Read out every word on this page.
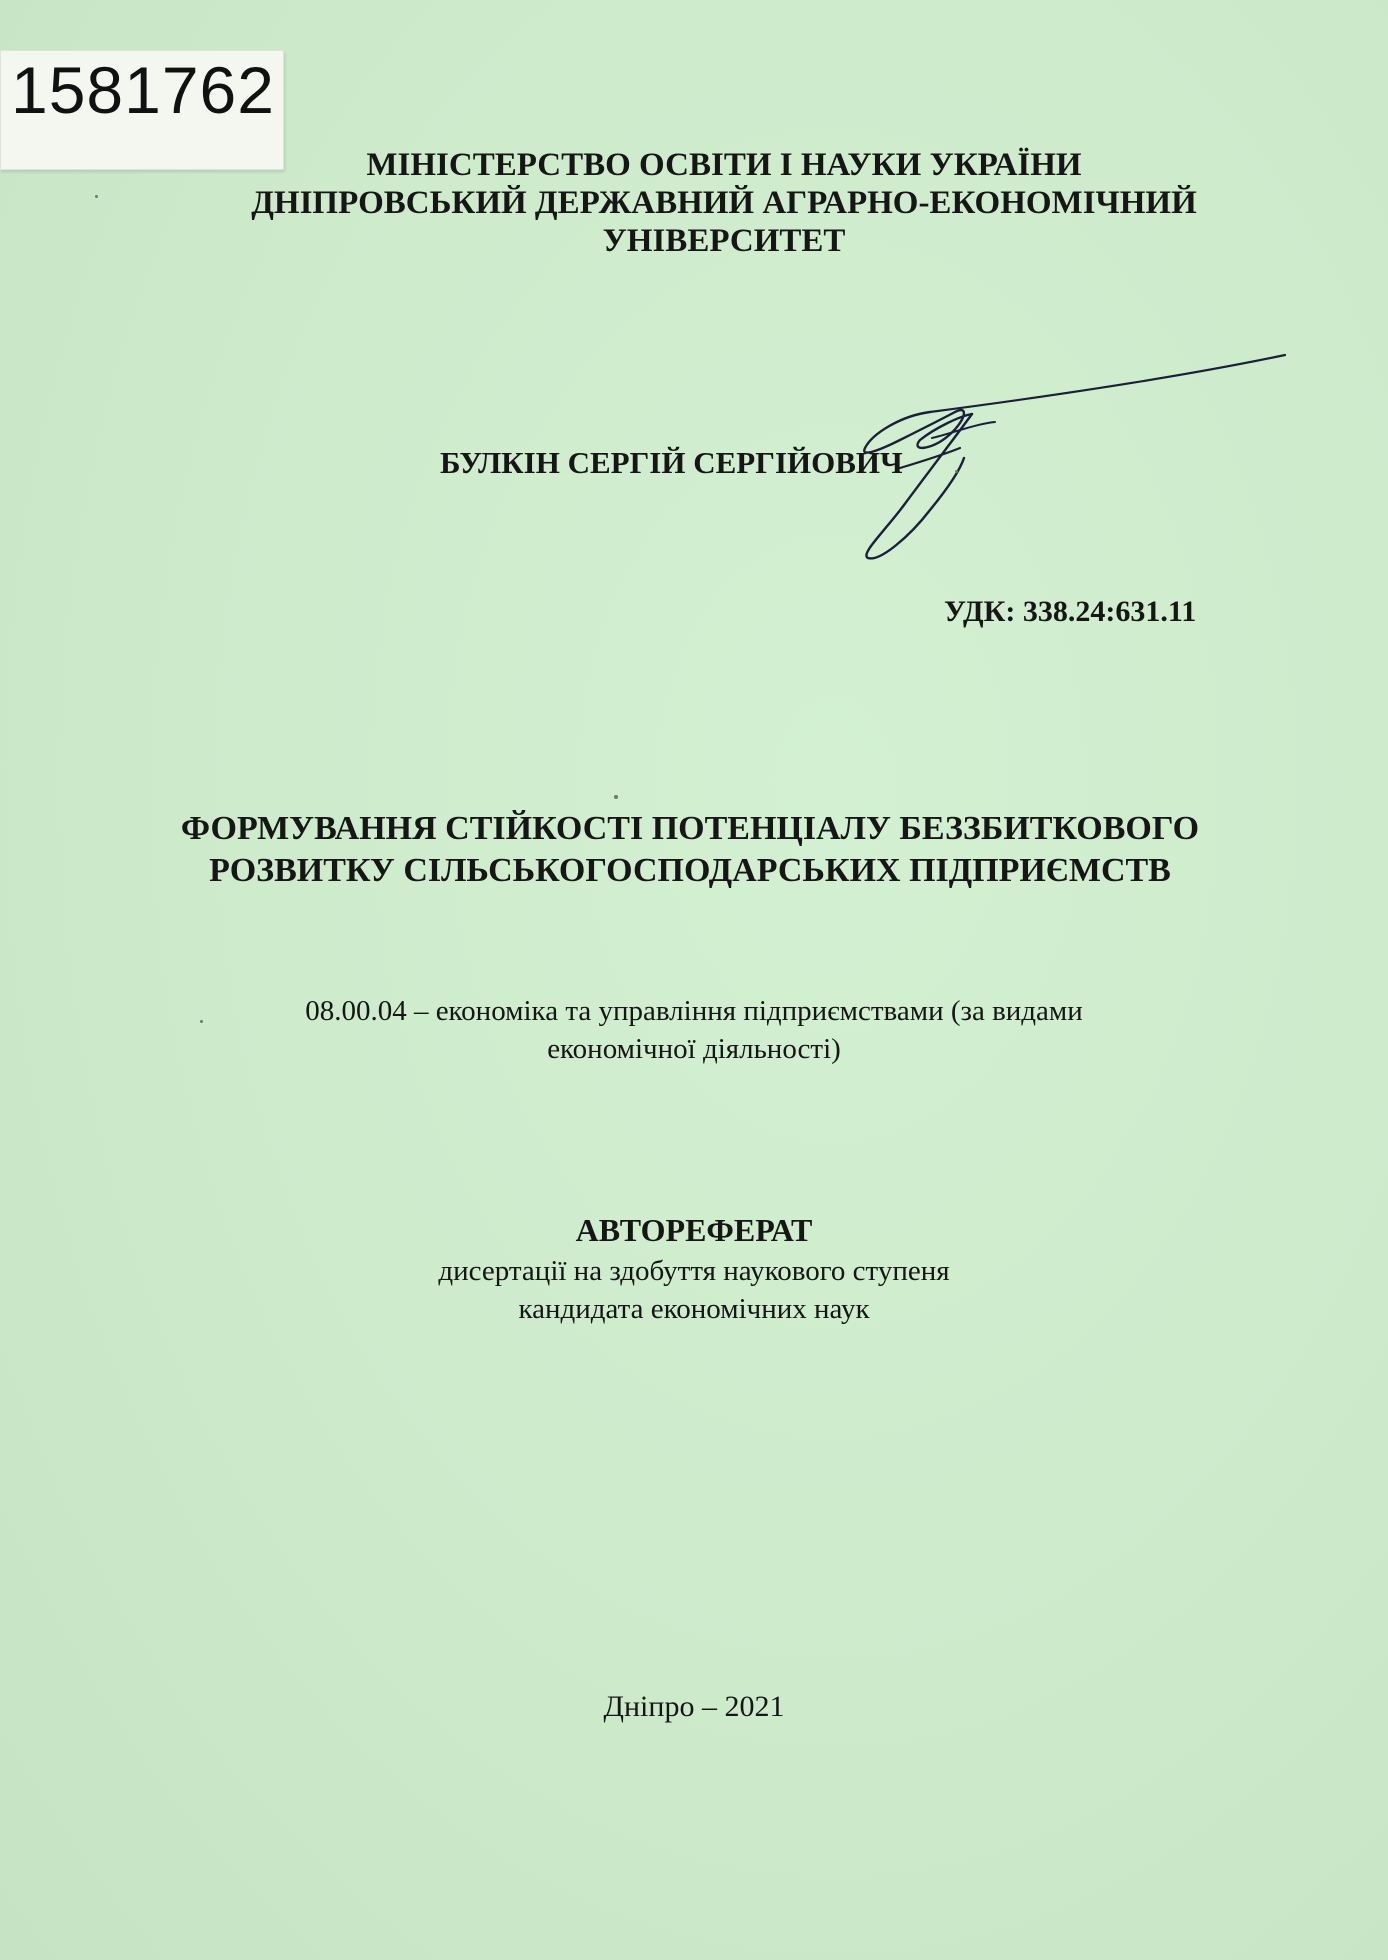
1581762
МІНІСТЕРСТВО ОСВІТИ І НАУКИ УКРАЇНИ
ДНІПРОВСЬКИЙ ДЕРЖАВНИЙ АГРАРНО-ЕКОНОМІЧНИЙ
УНІВЕРСИТЕТ
БУЛКІН СЕРГІЙ СЕРГІЙОВИЧ
УДК: 338.24:631.11
ФОРМУВАННЯ СТІЙКОСТІ ПОТЕНЦІАЛУ БЕЗЗБИТКОВОГО
РОЗВИТКУ СІЛЬСЬКОГОСПОДАРСЬКИХ ПІДПРИЄМСТВ
08.00.04 – економіка та управління підприємствами (за видами
економічної діяльності)
АВТОРЕФЕРАТ
дисертації на здобуття наукового ступеня
кандидата економічних наук
Дніпро – 2021
